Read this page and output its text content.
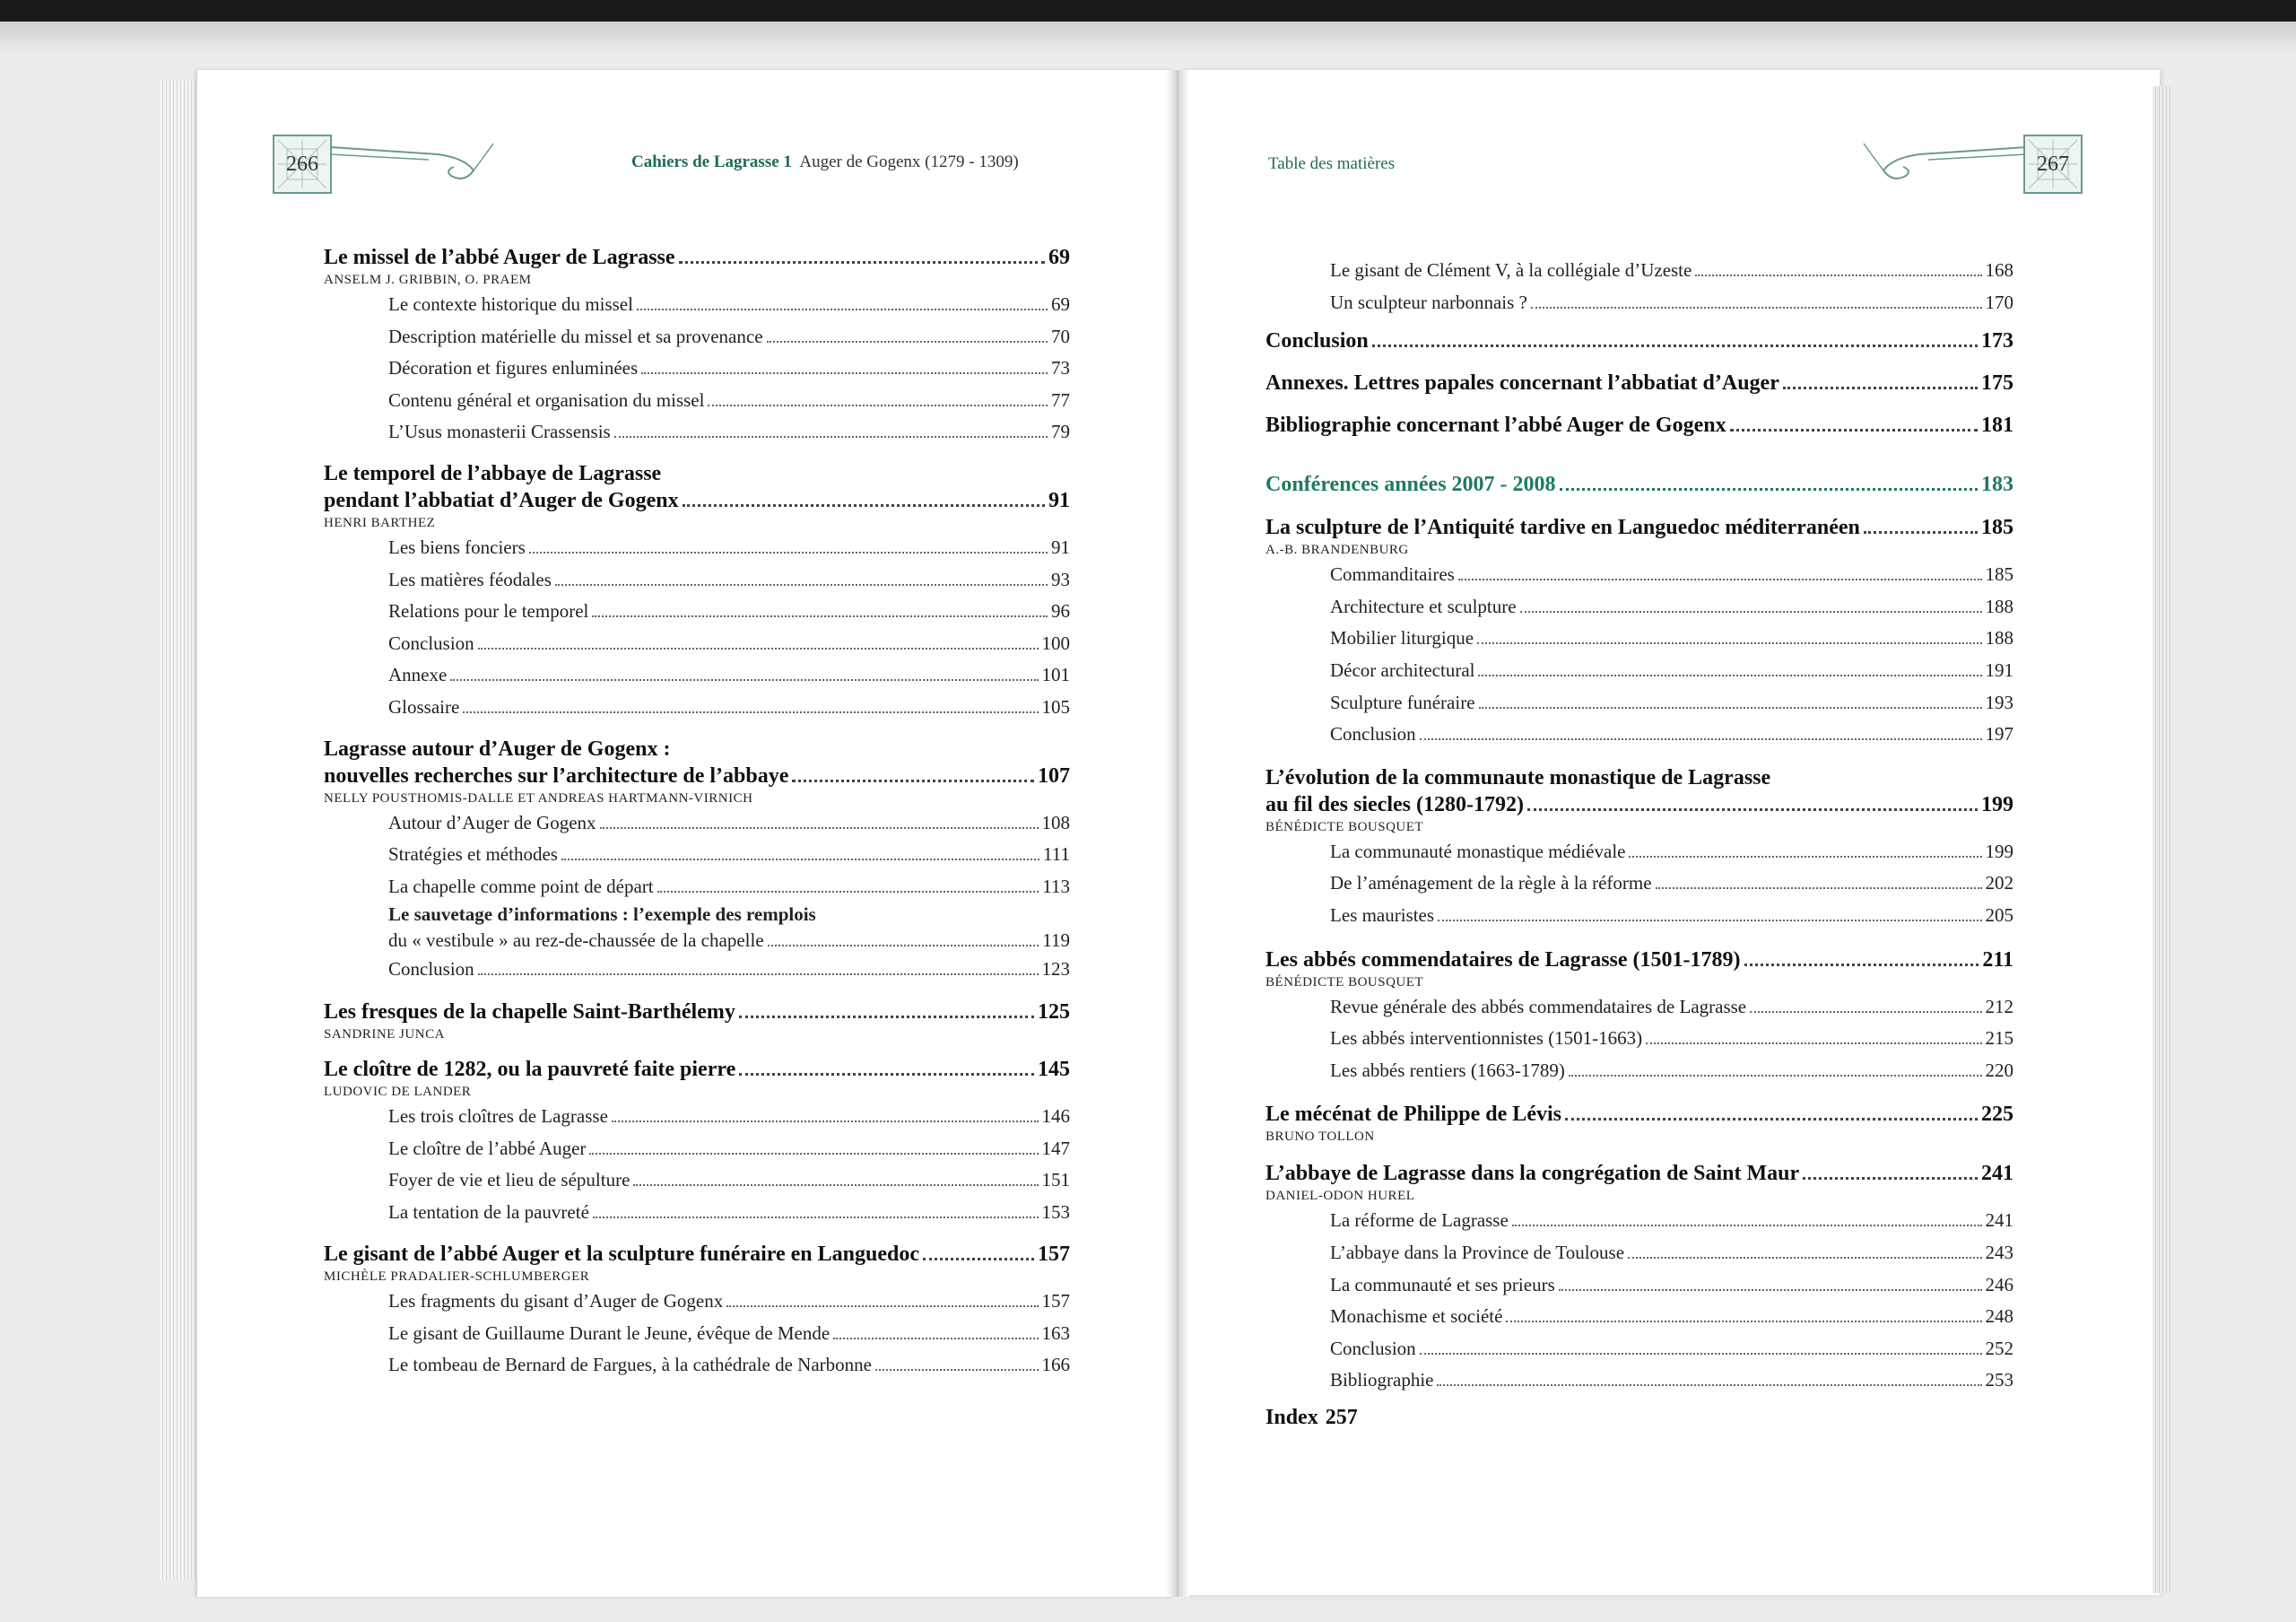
266	Cahiers de Lagrasse 1 Auger de Gogenx (1279 - 1309)	Table des matières	267
Le missel de l’abbé Auger de Lagrasse	69
ANSELM J. GRIBBIN, O. PRAEM
Le contexte historique du missel	69
Description matérielle du missel et sa provenance	70
Décoration et figures enluminées	73
Contenu général et organisation du missel	77
L’Usus monasterii Crassensis	79
Le temporel de l’abbaye de Lagrasse
pendant l’abbatiat d’Auger de Gogenx	91
HENRI BARTHEZ
Les biens fonciers	91
Les matières féodales	93
Relations pour le temporel	96
Conclusion	100
Annexe	101
Glossaire	105
Lagrasse autour d’Auger de Gogenx :
nouvelles recherches sur l’architecture de l’abbaye	107
NELLY POUSTHOMIS-DALLE ET ANDREAS HARTMANN-VIRNICH
Autour d’Auger de Gogenx	108
Stratégies et méthodes	111
La chapelle comme point de départ	113
Le sauvetage d’informations : l’exemple des remplois
du « vestibule » au rez-de-chaussée de la chapelle	119
Conclusion	123
Les fresques de la chapelle Saint-Barthélemy	125
SANDRINE JUNCA
Le cloître de 1282, ou la pauvreté faite pierre	145
LUDOVIC DE LANDER
Les trois cloîtres de Lagrasse	146
Le cloître de l’abbé Auger	147
Foyer de vie et lieu de sépulture	151
La tentation de la pauvreté	153
Le gisant de l’abbé Auger et la sculpture funéraire en Languedoc	157
MICHÈLE PRADALIER-SCHLUMBERGER
Les fragments du gisant d’Auger de Gogenx	157
Le gisant de Guillaume Durant le Jeune, évêque de Mende	163
Le tombeau de Bernard de Fargues, à la cathédrale de Narbonne	166
Le gisant de Clément V, à la collégiale d’Uzeste	168
Un sculpteur narbonnais ?	170
Conclusion	173
Annexes. Lettres papales concernant l’abbatiat d’Auger	175
Bibliographie concernant l’abbé Auger de Gogenx	181
Conférences années 2007 - 2008	183
La sculpture de l’Antiquité tardive en Languedoc méditerranéen	185
A.-B. BRANDENBURG
Commanditaires	185
Architecture et sculpture	188
Mobilier liturgique	188
Décor architectural	191
Sculpture funéraire	193
Conclusion	197
L’évolution de la communaute monastique de Lagrasse
au fil des siecles (1280-1792)	199
BÉNÉDICTE BOUSQUET
La communauté monastique médiévale	199
De l’aménagement de la règle à la réforme	202
Les mauristes	205
Les abbés commendataires de Lagrasse (1501-1789)	211
BÉNÉDICTE BOUSQUET
Revue générale des abbés commendataires de Lagrasse	212
Les abbés interventionnistes (1501-1663)	215
Les abbés rentiers (1663-1789)	220
Le mécénat de Philippe de Lévis	225
BRUNO TOLLON
L’abbaye de Lagrasse dans la congrégation de Saint Maur	241
DANIEL-ODON HUREL
La réforme de Lagrasse	241
L’abbaye dans la Province de Toulouse	243
La communauté et ses prieurs	246
Monachisme et société	248
Conclusion	252
Bibliographie	253
Index 257
